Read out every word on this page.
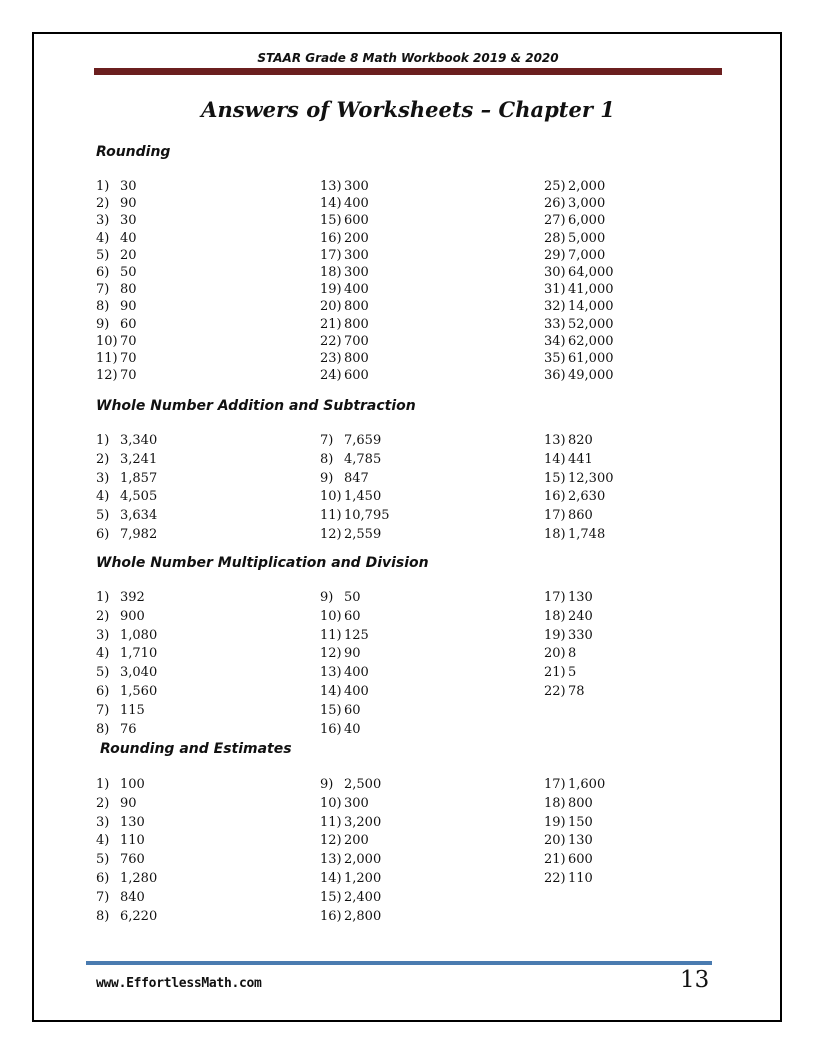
STAAR Grade 8 Math Workbook 2019 & 2020
Answers of Worksheets – Chapter 1
Rounding
1) 30
2) 90
3) 30
4) 40
5) 20
6) 50
7) 80
8) 90
9) 60
10) 70
11) 70
12) 70
13) 300
14) 400
15) 600
16) 200
17) 300
18) 300
19) 400
20) 800
21) 800
22) 700
23) 800
24) 600
25) 2,000
26) 3,000
27) 6,000
28) 5,000
29) 7,000
30) 64,000
31) 41,000
32) 14,000
33) 52,000
34) 62,000
35) 61,000
36) 49,000
Whole Number Addition and Subtraction
1) 3,340
2) 3,241
3) 1,857
4) 4,505
5) 3,634
6) 7,982
7) 7,659
8) 4,785
9) 847
10) 1,450
11) 10,795
12) 2,559
13) 820
14) 441
15) 12,300
16) 2,630
17) 860
18) 1,748
Whole Number Multiplication and Division
1) 392
2) 900
3) 1,080
4) 1,710
5) 3,040
6) 1,560
7) 115
8) 76
9) 50
10) 60
11) 125
12) 90
13) 400
14) 400
15) 60
16) 40
17) 130
18) 240
19) 330
20) 8
21) 5
22) 78
Rounding and Estimates
1) 100
2) 90
3) 130
4) 110
5) 760
6) 1,280
7) 840
8) 6,220
9) 2,500
10) 300
11) 3,200
12) 200
13) 2,000
14) 1,200
15) 2,400
16) 2,800
17) 1,600
18) 800
19) 150
20) 130
21) 600
22) 110
www.EffortlessMath.com	13
